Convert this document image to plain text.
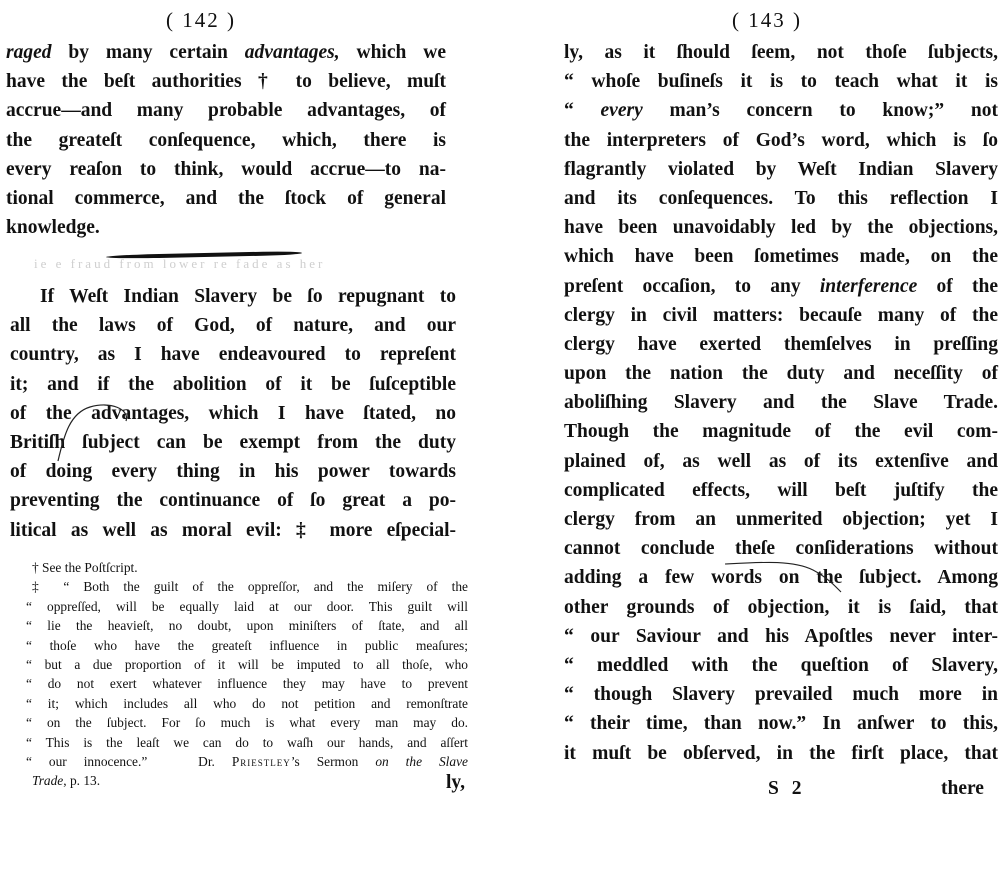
( 142 )
raged by many certain advantages, which we
have the beſt authorities † to believe, muſt
accrue—and many probable advantages, of
the greateſt conſequence, which, there is
every reaſon to think, would accrue—to na-
tional commerce, and the ſtock of general
knowledge.
ie e fraud from lower re fade as her
If Weſt Indian Slavery be ſo repugnant to
all the laws of God, of nature, and our
country, as I have endeavoured to repreſent
it; and if the abolition of it be ſuſceptible
of the advantages, which I have ſtated, no
Britiſh ſubject can be exempt from the duty
of doing every thing in his power towards
preventing the continuance of ſo great a po-
litical as well as moral evil: ‡ more eſpecial-
† See the Poſtſcript.
‡ “ Both the guilt of the oppreſſor, and the miſery of the
“ oppreſſed, will be equally laid at our door. This guilt will
“ lie the heavieſt, no doubt, upon miniſters of ſtate, and all
“ thoſe who have the greateſt influence in public meaſures;
“ but a due proportion of it will be imputed to all thoſe, who
“ do not exert whatever influence they may have to prevent
“ it; which includes all who do not petition and remonſtrate
“ on the ſubject. For ſo much is what every man may do.
“ This is the leaſt we can do to waſh our hands, and aſſert
“ our innocence.”	Dr. Priestley’s Sermon on the Slave
Trade, p. 13.	ly,
( 143 )
ly, as it ſhould ſeem, not thoſe ſubjects,
“ whoſe buſineſs it is to teach what it is
“ every man’s concern to know;” not
the interpreters of God’s word, which is ſo
flagrantly violated by Weſt Indian Slavery
and its conſequences. To this reflection I
have been unavoidably led by the objections,
which have been ſometimes made, on the
preſent occaſion, to any interference of the
clergy in civil matters: becauſe many of the
clergy have exerted themſelves in preſſing
upon the nation the duty and neceſſity of
aboliſhing Slavery and the Slave Trade.
Though the magnitude of the evil com-
plained of, as well as of its extenſive and
complicated effects, will beſt juſtify the
clergy from an unmerited objection; yet I
cannot conclude theſe conſiderations without
adding a few words on the ſubject. Among
other grounds of objection, it is ſaid, that
“ our Saviour and his Apoſtles never inter-
“ meddled with the queſtion of Slavery,
“ though Slavery prevailed much more in
“ their time, than now.” In anſwer to this,
it muſt be obſerved, in the firſt place, that
S 2	there
